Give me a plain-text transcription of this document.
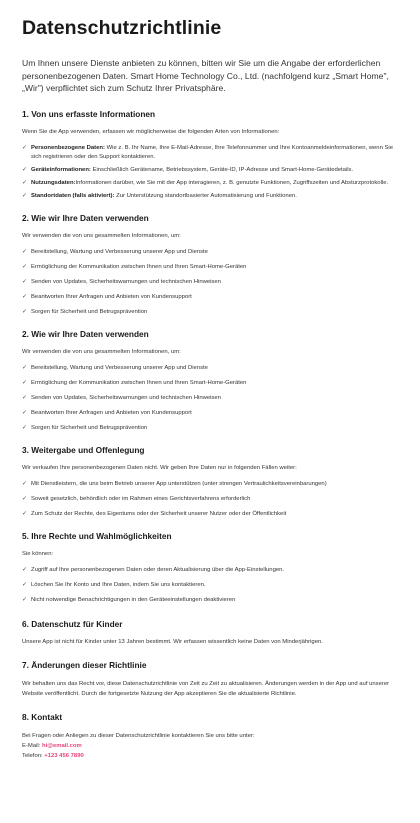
Datenschutzrichtlinie

Um Ihnen unsere Dienste anbieten zu können, bitten wir Sie um die Angabe der erforderlichen personenbezogenen Daten. Smart Home Technology Co., Ltd. (nachfolgend kurz „Smart Home", „Wir") verpflichtet sich zum Schutz Ihrer Privatsphäre.

1. Von uns erfasste Informationen

Wenn Sie die App verwenden, erfassen wir möglicherweise die folgenden Arten von Informationen:

✓ Personenbezogene Daten: Wie z. B. Ihr Name, Ihre E-Mail-Adresse, Ihre Telefonnummer und Ihre Kontoanmeldeinformationen, wenn Sie sich registrieren oder den Support kontaktieren.
✓ Geräteinformationen: Einschließlich Gerätename, Betriebssystem, Geräte-ID, IP-Adresse und Smart-Home-Gerätedetails.
✓ Nutzungsdaten:Informationen darüber, wie Sie mit der App interagieren, z. B. genutzte Funktionen, Zugriffszeiten und Absturzprotokolle.
✓ Standortdaten (falls aktiviert): Zur Unterstützung standortbasierter Automatisierung und Funktionen.
2. Wie wir Ihre Daten verwenden

Wir verwenden die von uns gesammelten Informationen, um:

✓ Bereitstellung, Wartung und Verbesserung unserer App und Dienste
✓ Ermöglichung der Kommunikation zwischen Ihnen und Ihren Smart-Home-Geräten
✓ Senden von Updates, Sicherheitswarnungen und technischen Hinweisen
✓ Beantworten Ihrer Anfragen und Anbieten von Kundensupport
✓ Sorgen für Sicherheit und Betrugsprävention
2. Wie wir Ihre Daten verwenden

Wir verwenden die von uns gesammelten Informationen, um:

✓ Bereitstellung, Wartung und Verbesserung unserer App und Dienste
✓ Ermöglichung der Kommunikation zwischen Ihnen und Ihren Smart-Home-Geräten
✓ Senden von Updates, Sicherheitswarnungen und technischen Hinweisen
✓ Beantworten Ihrer Anfragen und Anbieten von Kundensupport
✓ Sorgen für Sicherheit und Betrugsprävention
3. Weitergabe und Offenlegung

Wir verkaufen Ihre personenbezogenen Daten nicht. Wir geben Ihre Daten nur in folgenden Fällen weiter:

✓ Mit Dienstleistern, die uns beim Betrieb unserer App unterstützen (unter strengen Vertraulichkeitsvereinbarungen)
✓ Soweit gesetzlich, behördlich oder im Rahmen eines Gerichtsverfahrens erforderlich
✓ Zum Schutz der Rechte, des Eigentums oder der Sicherheit unserer Nutzer oder der Öffentlichkeit
5. Ihre Rechte und Wahlmöglichkeiten

Sie können:

✓ Zugriff auf Ihre personenbezogenen Daten oder deren Aktualisierung über die App-Einstellungen.
✓ Löschen Sie Ihr Konto und Ihre Daten, indem Sie uns kontaktieren.
✓ Nicht notwendige Benachrichtigungen in den Geräteeinstellungen deaktivieren
6. Datenschutz für Kinder

Unsere App ist nicht für Kinder unter 13 Jahren bestimmt. Wir erfassen wissentlich keine Daten von Minderjährigen.

7. Änderungen dieser Richtlinie

Wir behalten uns das Recht vor, diese Datenschutzrichtlinie von Zeit zu Zeit zu aktualisieren. Änderungen werden in der App und auf unserer Website veröffentlicht. Durch die fortgesetzte Nutzung der App akzeptieren Sie die aktualisierte Richtlinie.

8. Kontakt

Bei Fragen oder Anliegen zu dieser Datenschutzrichtlinie kontaktieren Sie uns bitte unter:

E-Mail: hi@email.com

Telefon: +123 456 7890
